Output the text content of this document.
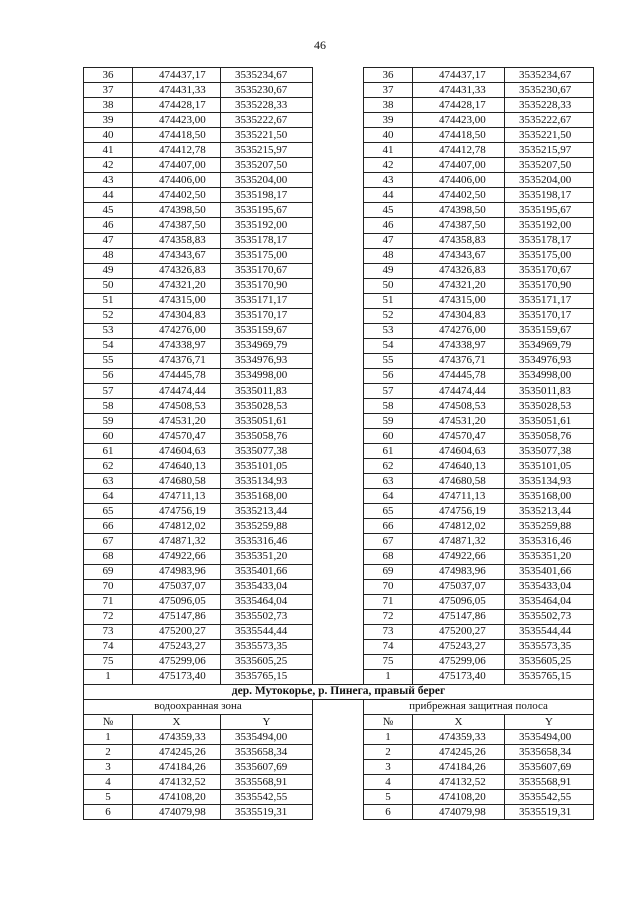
46
36	474437,17	3535234,67		36	474437,17	3535234,67
37	474431,33	3535230,67		37	474431,33	3535230,67
38	474428,17	3535228,33		38	474428,17	3535228,33
39	474423,00	3535222,67		39	474423,00	3535222,67
40	474418,50	3535221,50		40	474418,50	3535221,50
41	474412,78	3535215,97		41	474412,78	3535215,97
42	474407,00	3535207,50		42	474407,00	3535207,50
43	474406,00	3535204,00		43	474406,00	3535204,00
44	474402,50	3535198,17		44	474402,50	3535198,17
45	474398,50	3535195,67		45	474398,50	3535195,67
46	474387,50	3535192,00		46	474387,50	3535192,00
47	474358,83	3535178,17		47	474358,83	3535178,17
48	474343,67	3535175,00		48	474343,67	3535175,00
49	474326,83	3535170,67		49	474326,83	3535170,67
50	474321,20	3535170,90		50	474321,20	3535170,90
51	474315,00	3535171,17		51	474315,00	3535171,17
52	474304,83	3535170,17		52	474304,83	3535170,17
53	474276,00	3535159,67		53	474276,00	3535159,67
54	474338,97	3534969,79		54	474338,97	3534969,79
55	474376,71	3534976,93		55	474376,71	3534976,93
56	474445,78	3534998,00		56	474445,78	3534998,00
57	474474,44	3535011,83		57	474474,44	3535011,83
58	474508,53	3535028,53		58	474508,53	3535028,53
59	474531,20	3535051,61		59	474531,20	3535051,61
60	474570,47	3535058,76		60	474570,47	3535058,76
61	474604,63	3535077,38		61	474604,63	3535077,38
62	474640,13	3535101,05		62	474640,13	3535101,05
63	474680,58	3535134,93		63	474680,58	3535134,93
64	474711,13	3535168,00		64	474711,13	3535168,00
65	474756,19	3535213,44		65	474756,19	3535213,44
66	474812,02	3535259,88		66	474812,02	3535259,88
67	474871,32	3535316,46		67	474871,32	3535316,46
68	474922,66	3535351,20		68	474922,66	3535351,20
69	474983,96	3535401,66		69	474983,96	3535401,66
70	475037,07	3535433,04		70	475037,07	3535433,04
71	475096,05	3535464,04		71	475096,05	3535464,04
72	475147,86	3535502,73		72	475147,86	3535502,73
73	475200,27	3535544,44		73	475200,27	3535544,44
74	475243,27	3535573,35		74	475243,27	3535573,35
75	475299,06	3535605,25		75	475299,06	3535605,25
1	475173,40	3535765,15		1	475173,40	3535765,15
дер. Мутокорье, р. Пинега, правый берег						
водоохранная зона				прибрежная защитная полоса		
№	X	Y		№	X	Y
1	474359,33	3535494,00		1	474359,33	3535494,00
2	474245,26	3535658,34		2	474245,26	3535658,34
3	474184,26	3535607,69		3	474184,26	3535607,69
4	474132,52	3535568,91		4	474132,52	3535568,91
5	474108,20	3535542,55		5	474108,20	3535542,55
6	474079,98	3535519,31		6	474079,98	3535519,31
